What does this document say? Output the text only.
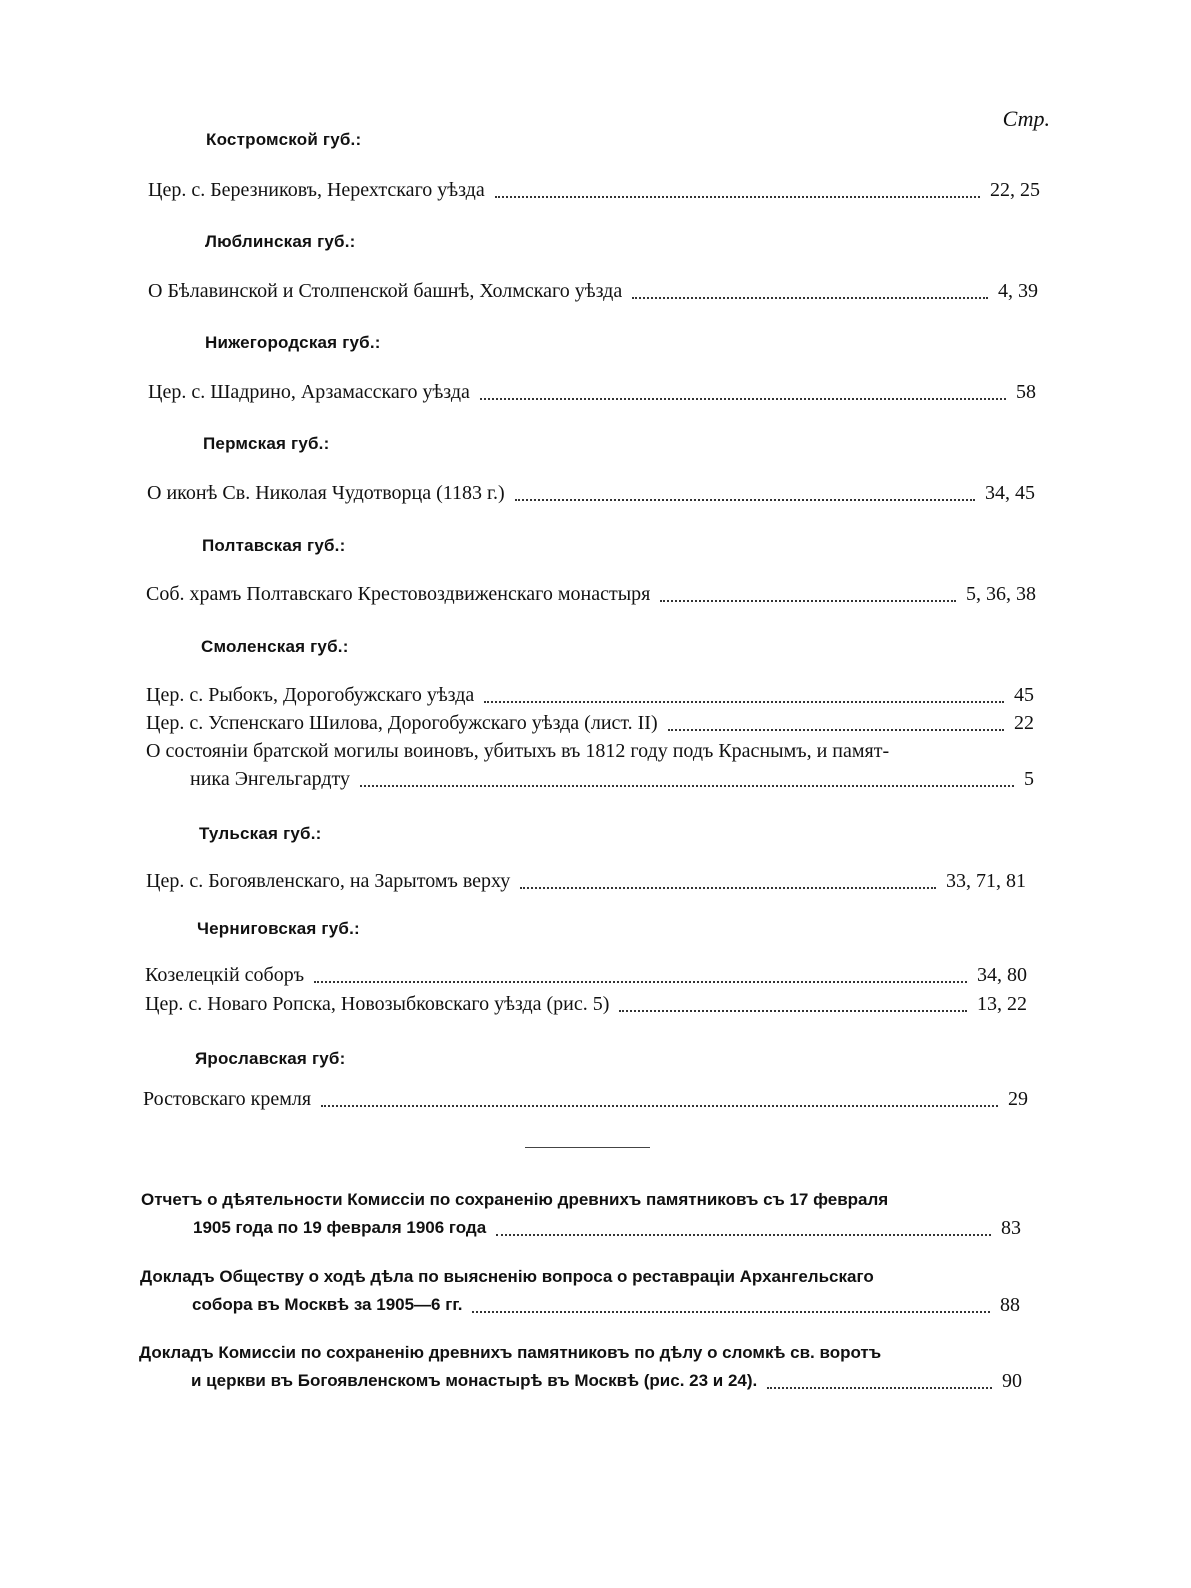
Стр.
Костромской губ.:
Цер. с. Березниковъ, Нерехтскаго уѣзда	22, 25
Люблинская губ.:
О Бѣлавинской и Столпенской башнѣ, Холмскаго уѣзда	4, 39
Нижегородская губ.:
Цер. с. Шадрино, Арзамасскаго уѣзда	58
Пермская губ.:
О иконѣ Св. Николая Чудотворца (1183 г.)	34, 45
Полтавская губ.:
Соб. храмъ Полтавскаго Крестовоздвиженскаго монастыря	5, 36, 38
Смоленская губ.:
Цер. с. Рыбокъ, Дорогобужскаго уѣзда	45
Цер. с. Успенскаго Шилова, Дорогобужскаго уѣзда (лист. II)	22
О состояніи братской могилы воиновъ, убитыхъ въ 1812 году подъ Краснымъ, и памят-
ника Энгельгардту	5
Тульская губ.:
Цер. с. Богоявленскаго, на Зарытомъ верху	33, 71, 81
Черниговская губ.:
Козелецкій соборъ	34, 80
Цер. с. Новаго Ропска, Новозыбковскаго уѣзда (рис. 5)	13, 22
Ярославская губ:
Ростовскаго кремля	29
Отчетъ о дѣятельности Комиссіи по сохраненію древнихъ памятниковъ съ 17 февраля
1905 года по 19 февраля 1906 года	83
Докладъ Обществу о ходѣ дѣла по выясненію вопроса о реставраціи Архангельскаго
собора въ Москвѣ за 1905—6 гг.	88
Докладъ Комиссіи по сохраненію древнихъ памятниковъ по дѣлу о сломкѣ св. воротъ
и церкви въ Богоявленскомъ монастырѣ въ Москвѣ (рис. 23 и 24).	90
